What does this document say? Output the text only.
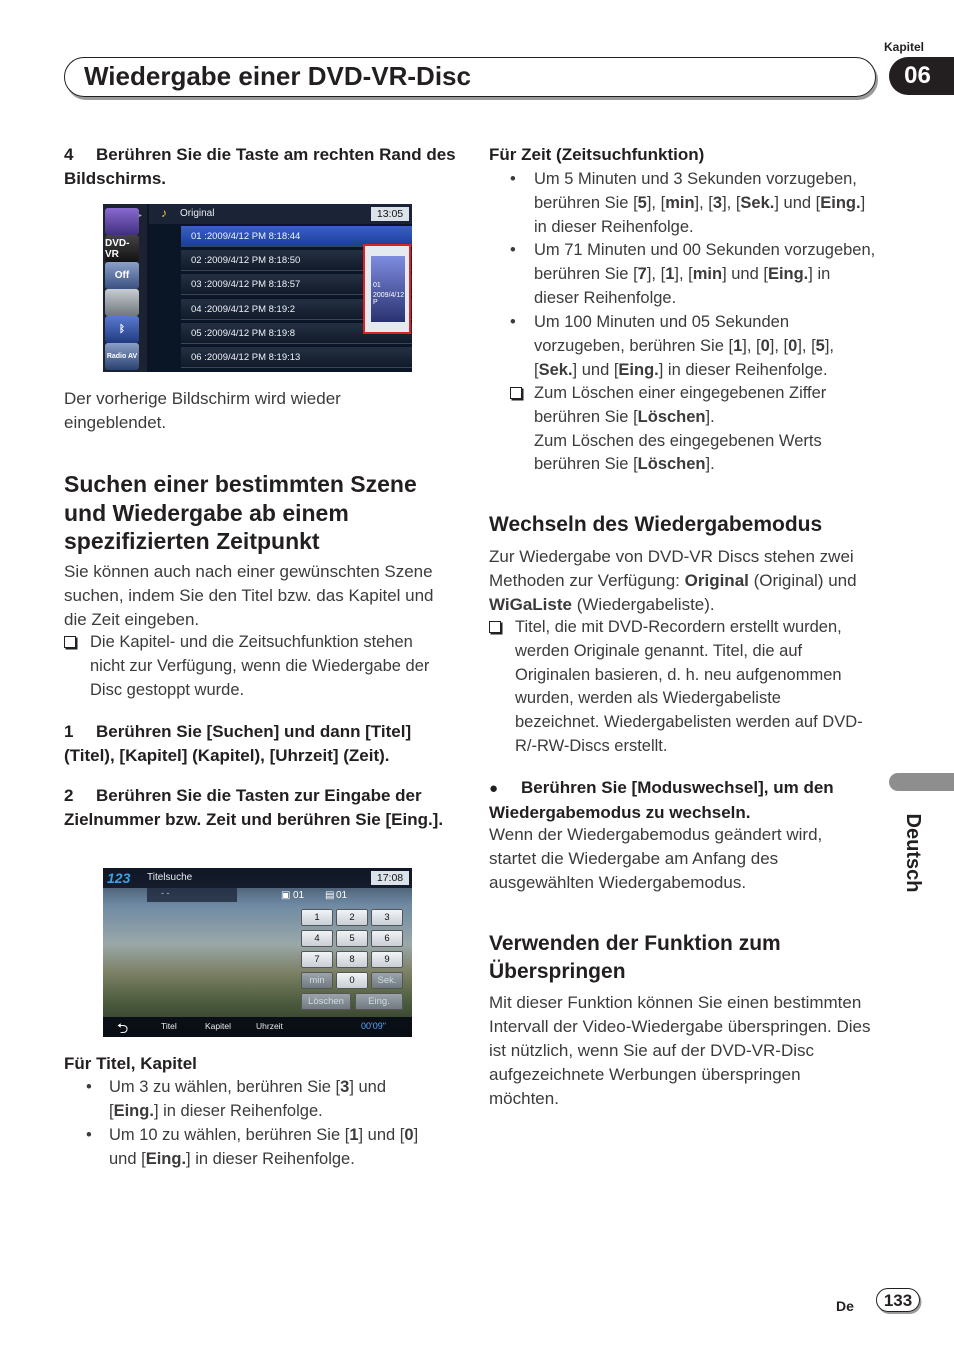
Kapitel
06
Wiedergabe einer DVD-VR-Disc
4 Berühren Sie die Taste am rechten Rand des Bildschirms.
DVD-VR
Off
ᛒ
Radio AV
▸	♪ Original	13:05
01 :2009/4/12 PM 8:18:44
02 :2009/4/12 PM 8:18:50
03 :2009/4/12 PM 8:18:57
04 :2009/4/12 PM 8:19:2
05 :2009/4/12 PM 8:19:8
06 :2009/4/12 PM 8:19:13
01
2009/4/12 P
Der vorherige Bildschirm wird wieder eingeblendet.
Suchen einer bestimmten Szene und Wiedergabe ab einem spezifizierten Zeitpunkt
Sie können auch nach einer gewünschten Szene suchen, indem Sie den Titel bzw. das Kapitel und die Zeit eingeben.
Die Kapitel- und die Zeitsuchfunktion stehen nicht zur Verfügung, wenn die Wiedergabe der Disc gestoppt wurde.
1 Berühren Sie [Suchen] und dann [Titel] (Titel), [Kapitel] (Kapitel), [Uhrzeit] (Zeit).
2 Berühren Sie die Tasten zur Eingabe der Zielnummer bzw. Zeit und berühren Sie [Eing.].
123 Titelsuche	17:08
- -	▣ 01 ▤ 01
1	2	3
4	5	6
7	8	9
min	0	Sek.
Löschen	Eing.
⮌	Titel	Kapitel	Uhrzeit	00'09"
Für Titel, Kapitel
• Um 3 zu wählen, berühren Sie [3] und [Eing.] in dieser Reihenfolge.
• Um 10 zu wählen, berühren Sie [1] und [0] und [Eing.] in dieser Reihenfolge.
Für Zeit (Zeitsuchfunktion)
• Um 5 Minuten und 3 Sekunden vorzugeben, berühren Sie [5], [min], [3], [Sek.] und [Eing.] in dieser Reihenfolge.
• Um 71 Minuten und 00 Sekunden vorzugeben, berühren Sie [7], [1], [min] und [Eing.] in dieser Reihenfolge.
• Um 100 Minuten und 05 Sekunden vorzugeben, berühren Sie [1], [0], [0], [5], [Sek.] und [Eing.] in dieser Reihenfolge.
Zum Löschen einer eingegebenen Ziffer berühren Sie [Löschen].
Zum Löschen des eingegebenen Werts berühren Sie [Löschen].
Wechseln des Wiedergabemodus
Zur Wiedergabe von DVD-VR Discs stehen zwei Methoden zur Verfügung: Original (Original) und WiGaListe (Wiedergabeliste).
Titel, die mit DVD-Recordern erstellt wurden, werden Originale genannt. Titel, die auf Originalen basieren, d. h. neu aufgenommen wurden, werden als Wiedergabeliste bezeichnet. Wiedergabelisten werden auf DVD-R/-RW-Discs erstellt.
● Berühren Sie [Moduswechsel], um den Wiedergabemodus zu wechseln.
Wenn der Wiedergabemodus geändert wird, startet die Wiedergabe am Anfang des ausgewählten Wiedergabemodus.
Verwenden der Funktion zum Überspringen
Mit dieser Funktion können Sie einen bestimmten Intervall der Video-Wiedergabe überspringen. Dies ist nützlich, wenn Sie auf der DVD-VR-Disc aufgezeichnete Werbungen überspringen möchten.
Deutsch
De	133
